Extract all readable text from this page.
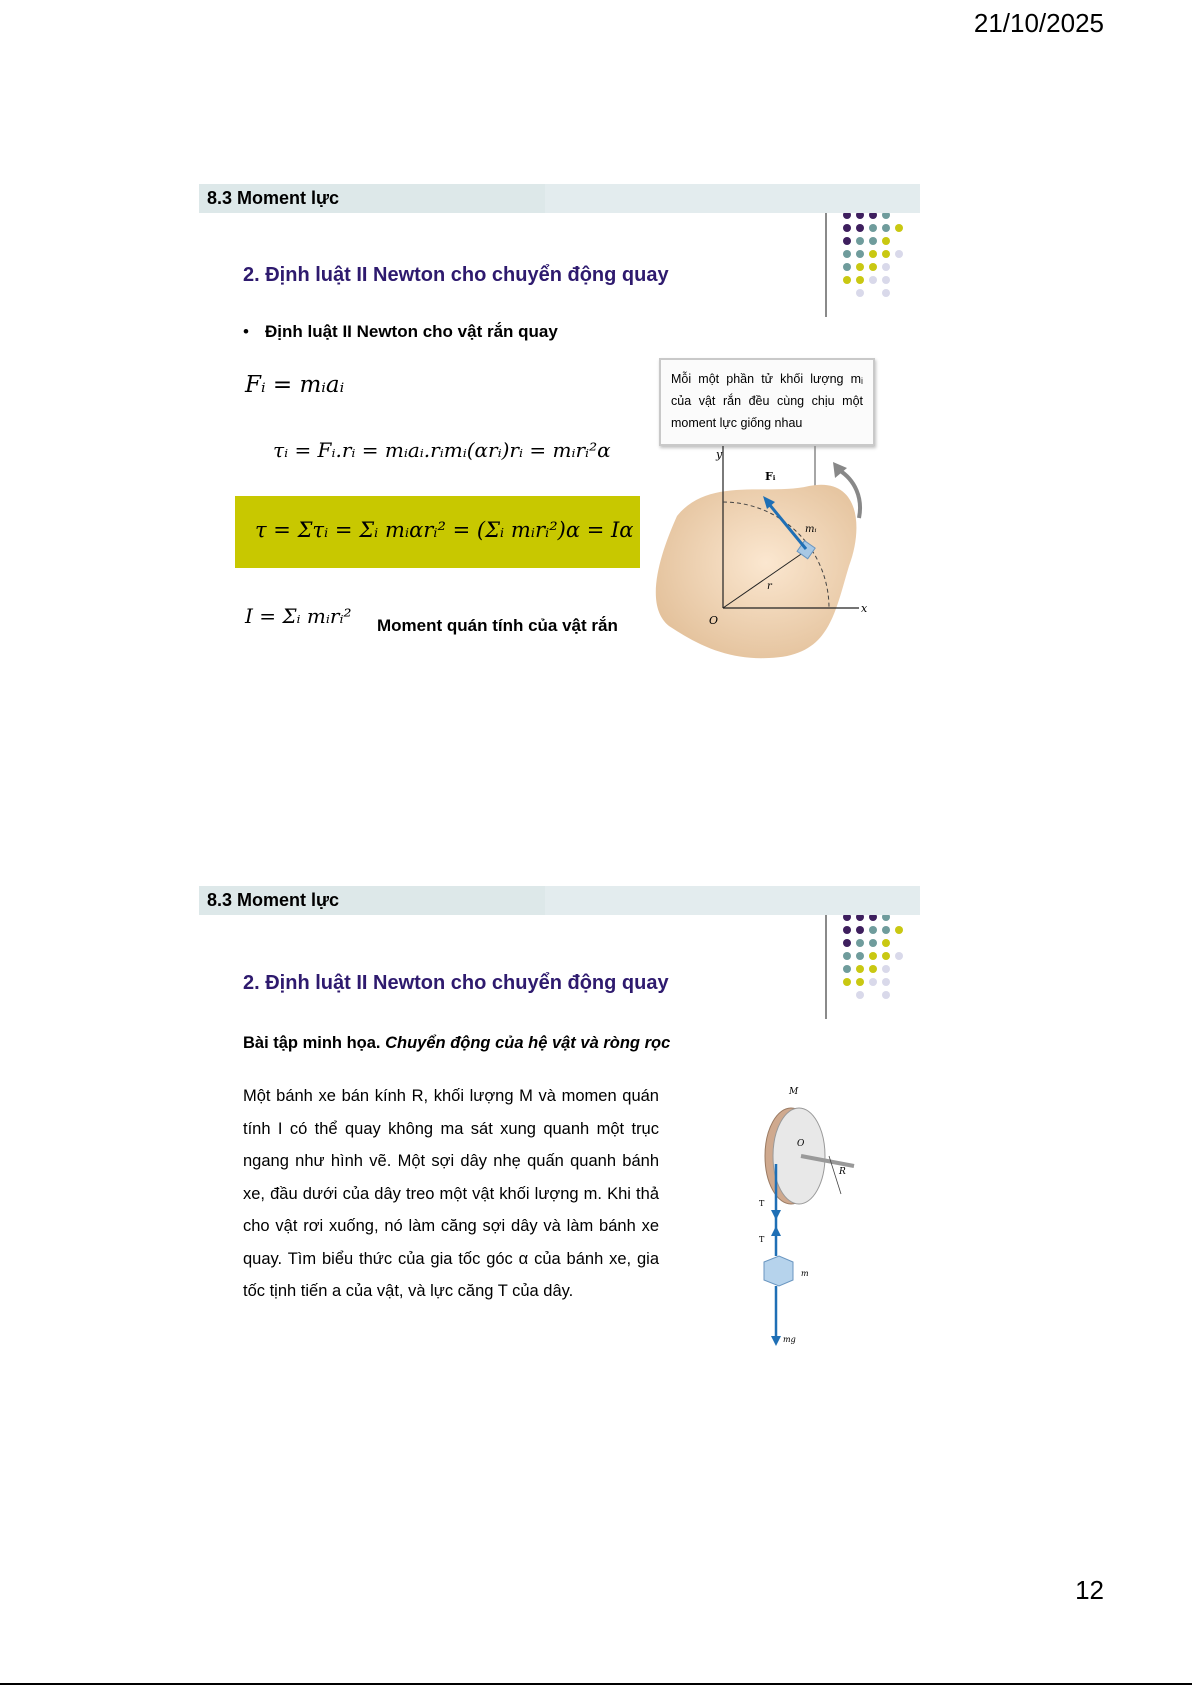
21/10/2025
8.3 Moment lực
2. Định luật II Newton cho chuyển động quay
• Định luật II Newton cho vật rắn quay
Fᵢ = mᵢaᵢ
τᵢ = Fᵢ.rᵢ = mᵢaᵢ.rᵢmᵢ(αrᵢ)rᵢ = mᵢrᵢ²α
τ = Στᵢ = Σᵢ mᵢαrᵢ² = (Σᵢ mᵢrᵢ²)α = Iα
I = Σᵢ mᵢrᵢ² Moment quán tính của vật rắn
Mỗi một phần tử khối lượng mᵢ của vật rắn đều cùng chịu một moment lực giống nhau
y
x
O
r
mᵢ
Fᵢ
8.3 Moment lực
2. Định luật II Newton cho chuyển động quay
Bài tập minh họa. Chuyển động của hệ vật và ròng rọc
Một bánh xe bán kính R, khối lượng M và momen quán tính I có thể quay không ma sát xung quanh một trục ngang như hình vẽ. Một sợi dây nhẹ quấn quanh bánh xe, đầu dưới của dây treo một vật khối lượng m. Khi thả cho vật rơi xuống, nó làm căng sợi dây và làm bánh xe quay. Tìm biểu thức của gia tốc góc α của bánh xe, gia tốc tịnh tiến a của vật, và lực căng T của dây.
M
O
R
T
T
m
mg
12
